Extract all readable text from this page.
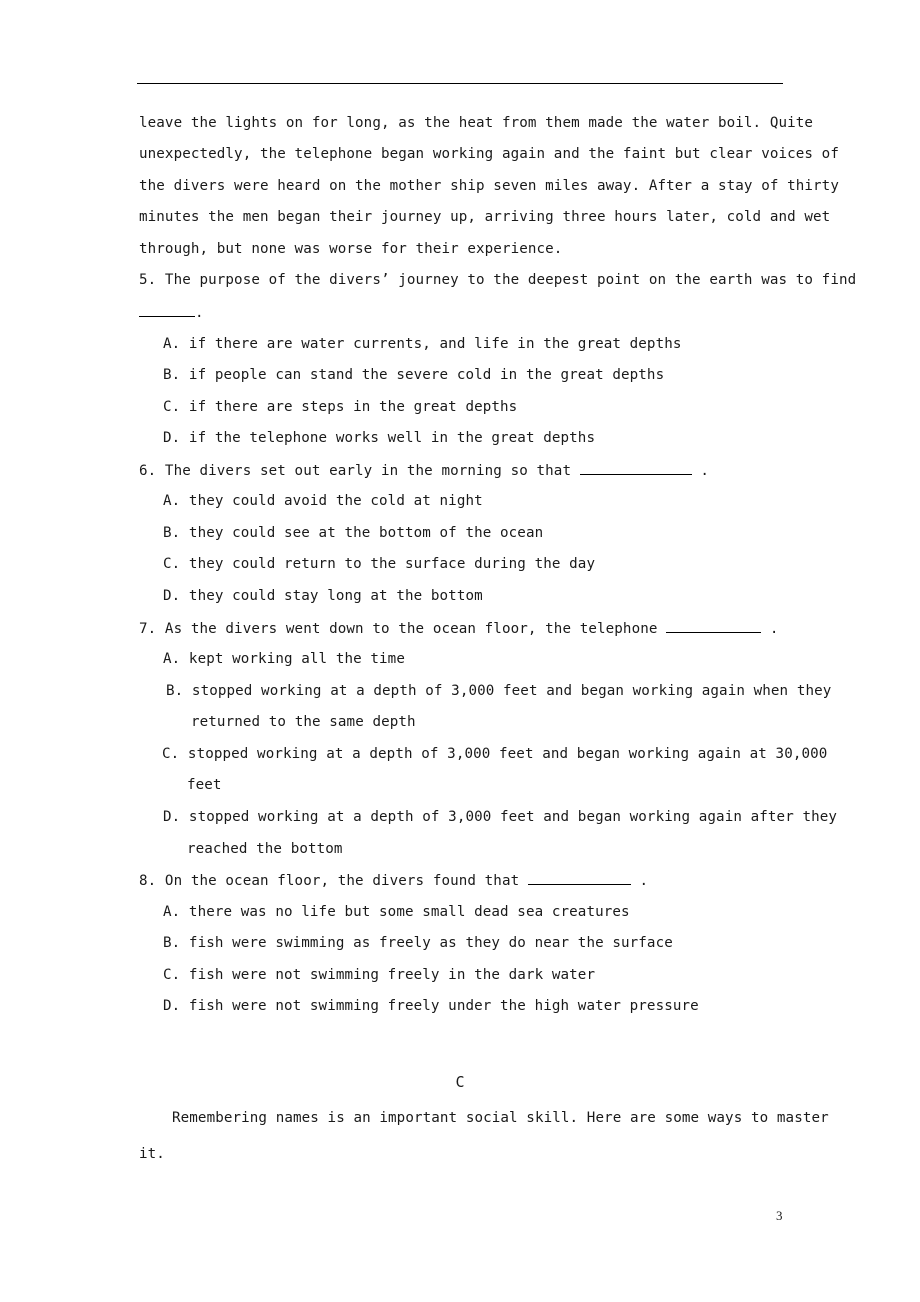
leave the lights on for long, as the heat from them made the water boil. Quite
unexpectedly, the telephone began working again and the faint but clear voices of
the divers were heard on the mother ship seven miles away. After a stay of thirty
minutes the men began their journey up, arriving three hours later, cold and wet
through, but none was worse for their experience.
5. The purpose of the divers’ journey to the deepest point on the earth was to find
.
A. if there are water currents, and life in the great depths
B. if people can stand the severe cold in the great depths
C. if there are steps in the great depths
D. if the telephone works well in the great depths
6. The divers set out early in the morning so that	.
A. they could avoid the cold at night
B. they could see at the bottom of the ocean
C. they could return to the surface during the day
D. they could stay long at the bottom
7. As the divers went down to the ocean floor, the telephone	.
A. kept working all the time
B. stopped working at a depth of 3,000 feet and began working again when they
returned to the same depth
C. stopped working at a depth of 3,000 feet and began working again at 30,000
feet
D. stopped working at a depth of 3,000 feet and began working again after they
reached the bottom
8. On the ocean floor, the divers found that	.
A. there was no life but some small dead sea creatures
B. fish were swimming as freely as they do near the surface
C. fish were not swimming freely in the dark water
D. fish were not swimming freely under the high water pressure
C
Remembering names is an important social skill. Here are some ways to master
it.
3
